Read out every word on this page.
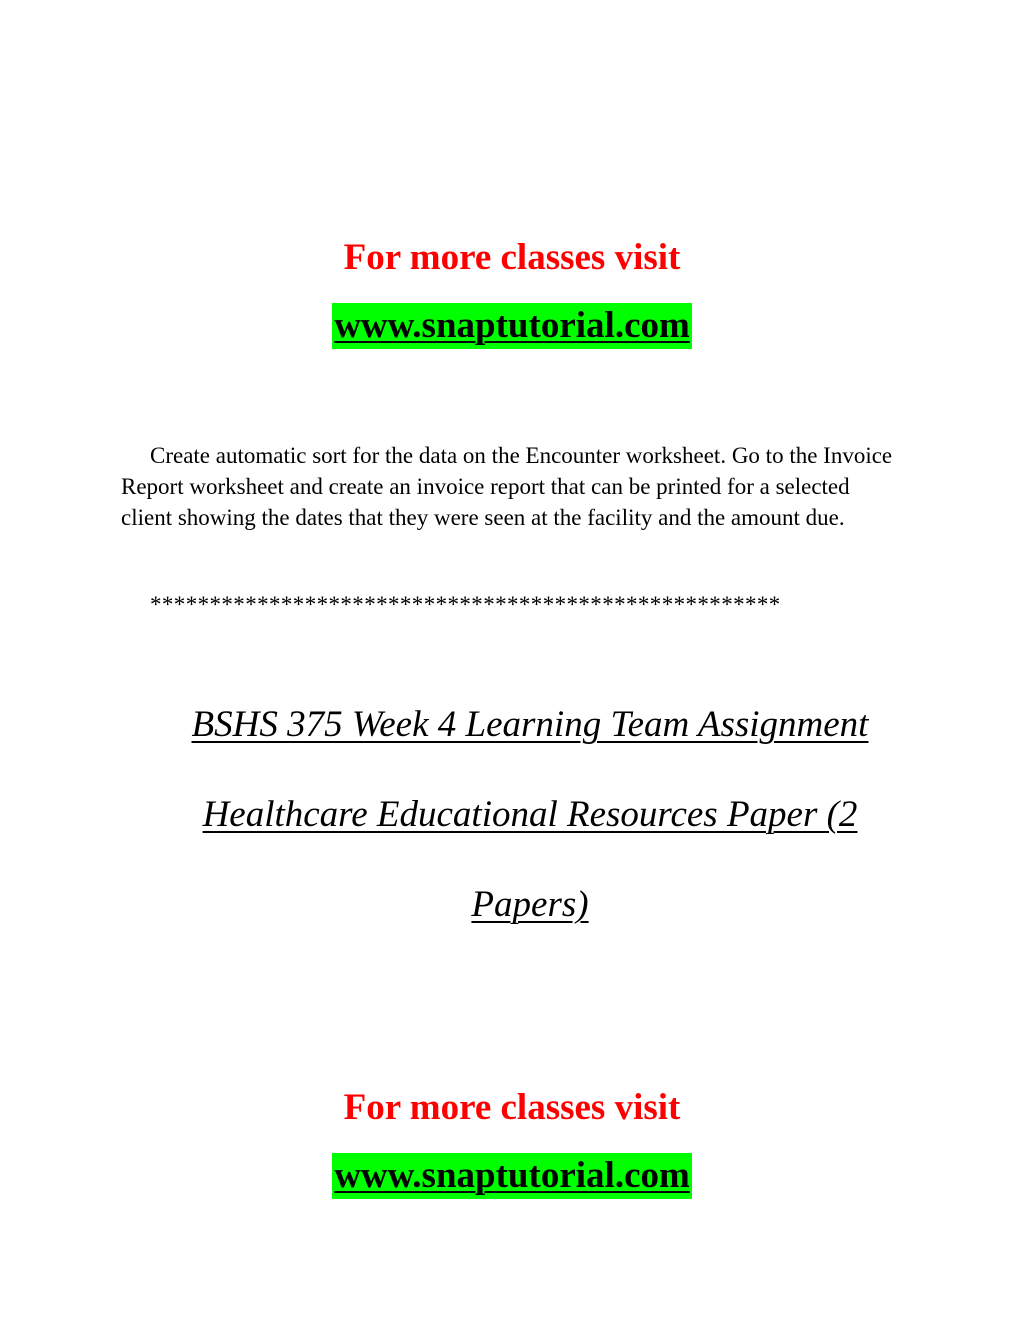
For more classes visit
www.snaptutorial.com

Create automatic sort for the data on the Encounter worksheet. Go to the Invoice Report worksheet and create an invoice report that can be printed for a selected client showing the dates that they were seen at the facility and the amount due.

*****************************************************

BSHS 375 Week 4 Learning Team Assignment
Healthcare Educational Resources Paper (2
Papers)
For more classes visit
www.snaptutorial.com
